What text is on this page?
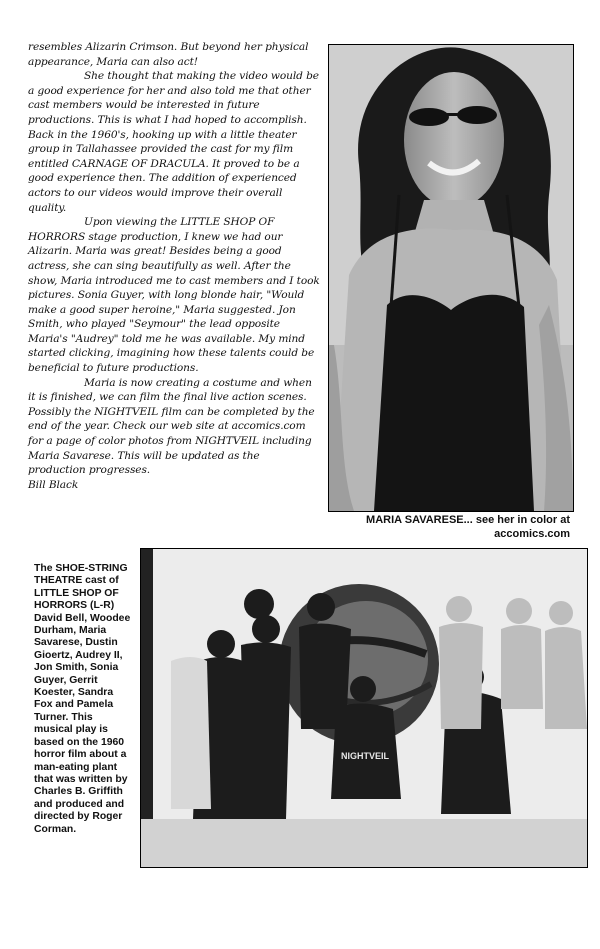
resembles Alizarin Crimson. But beyond her physical appearance, Maria can also act!

She thought that making the video would be a good experience for her and also told me that other cast members would be interested in future productions. This is what I had hoped to accomplish. Back in the 1960's, hooking up with a little theater group in Tallahassee provided the cast for my film entitled CARNAGE OF DRACULA. It proved to be a good experience then. The addition of experienced actors to our videos would improve their overall quality.

Upon viewing the LITTLE SHOP OF HORRORS stage production, I knew we had our Alizarin. Maria was great! Besides being a good actress, she can sing beautifully as well. After the show, Maria introduced me to cast members and I took pictures. Sonia Guyer, with long blonde hair, "Would make a good super heroine," Maria suggested. Jon Smith, who played "Seymour" the lead opposite Maria's "Audrey" told me he was available. My mind started clicking, imagining how these talents could be beneficial to future productions.

Maria is now creating a costume and when it is finished, we can film the final live action scenes. Possibly the NIGHTVEIL film can be completed by the end of the year. Check our web site at accomics.com for a page of color photos from NIGHTVEIL including Maria Savarese. This will be updated as the production progresses.

Bill Black

MARIA SAVARESE... see her in color at
accomics.com
The SHOE-STRING THEATRE cast of LITTLE SHOP OF HORRORS (L-R) David Bell, Woodee Durham, Maria Savarese, Dustin Gioertz, Audrey II, Jon Smith, Sonia Guyer, Gerrit Koester, Sandra Fox and Pamela Turner. This musical play is based on the 1960 horror film about a man-eating plant that was written by Charles B. Griffith and produced and directed by Roger Corman.
NIGHTVEIL
